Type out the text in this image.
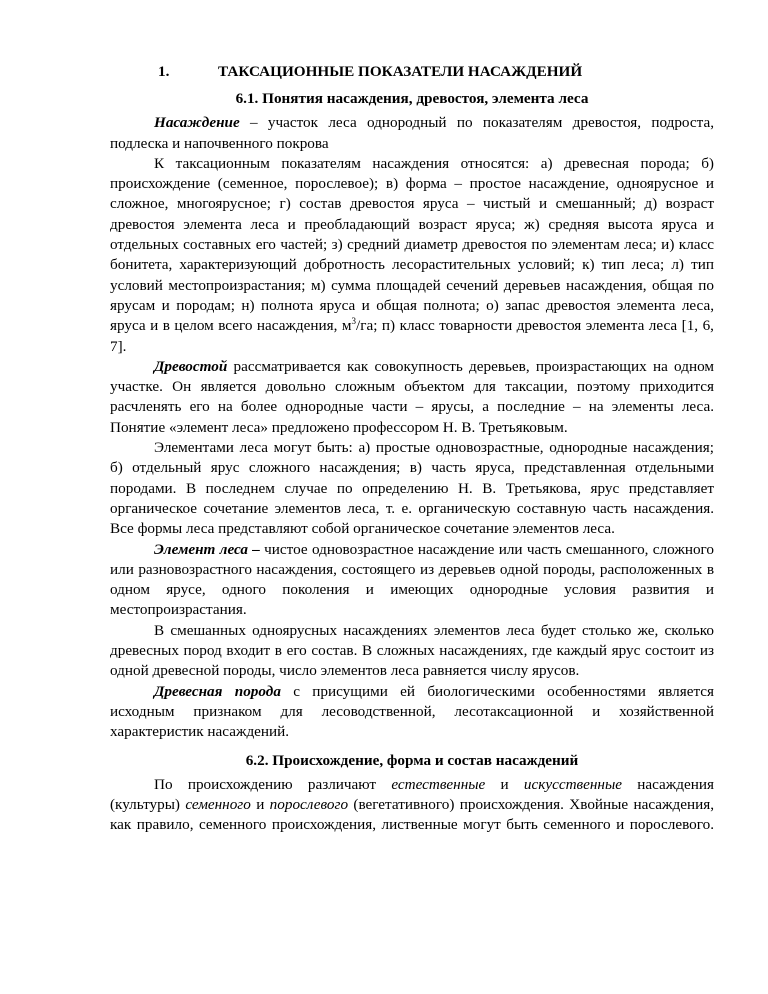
1.	ТАКСАЦИОННЫЕ ПОКАЗАТЕЛИ НАСАЖДЕНИЙ
6.1. Понятия насаждения, древостоя, элемента леса

Насаждение – участок леса однородный по показателям древостоя, подроста, подлеска и напочвенного покрова

К таксационным показателям насаждения относятся: а) древесная порода; б) происхождение (семенное, порослевое); в) форма – простое насаждение, одноярусное и сложное, многоярусное; г) состав древостоя яруса – чистый и смешанный; д) возраст древостоя элемента леса и преобладающий возраст яруса; ж) средняя высота яруса и отдельных составных его частей; з) средний диаметр древостоя по элементам леса; и) класс бонитета, характеризующий добротность лесорастительных условий; к) тип леса; л) тип условий местопроизрастания; м) сумма площадей сечений деревьев насаждения, общая по ярусам и породам; н) полнота яруса и общая полнота; о) запас древостоя элемента леса, яруса и в целом всего насаждения, $м^3/га$; п) класс товарности древостоя элемента леса [1, 6, 7].

Древостой рассматривается как совокупность деревьев, произрастающих на одном участке. Он является довольно сложным объектом для таксации, поэтому приходится расчленять его на более однородные части – ярусы, а последние – на элементы леса. Понятие «элемент леса» предложено профессором Н. В. Третьяковым.

Элементами леса могут быть: а) простые одновозрастные, однородные насаждения; б) отдельный ярус сложного насаждения; в) часть яруса, представленная отдельными породами. В последнем случае по определению Н. В. Третьякова, ярус представляет органическое сочетание элементов леса, т. е. органическую составную часть насаждения. Все формы леса представляют собой органическое сочетание элементов леса.

Элемент леса – чистое одновозрастное насаждение или часть смешанного, сложного или разновозрастного насаждения, состоящего из деревьев одной породы, расположенных в одном ярусе, одного поколения и имеющих однородные условия развития и местопроизрастания.

В смешанных одноярусных насаждениях элементов леса будет столько же, сколько древесных пород входит в его состав. В сложных насаждениях, где каждый ярус состоит из одной древесной породы, число элементов леса равняется числу ярусов.

Древесная порода с присущими ей биологическими особенностями является исходным признаком для лесоводственной, лесотаксационной и хозяйственной характеристик насаждений.

6.2. Происхождение, форма и состав насаждений

По происхождению различают естественные и искусственные насаждения (культуры) семенного и порослевого (вегетативного) происхождения. Хвойные насаждения, как правило, семенного происхождения, лиственные могут быть семенного и порослевого.
